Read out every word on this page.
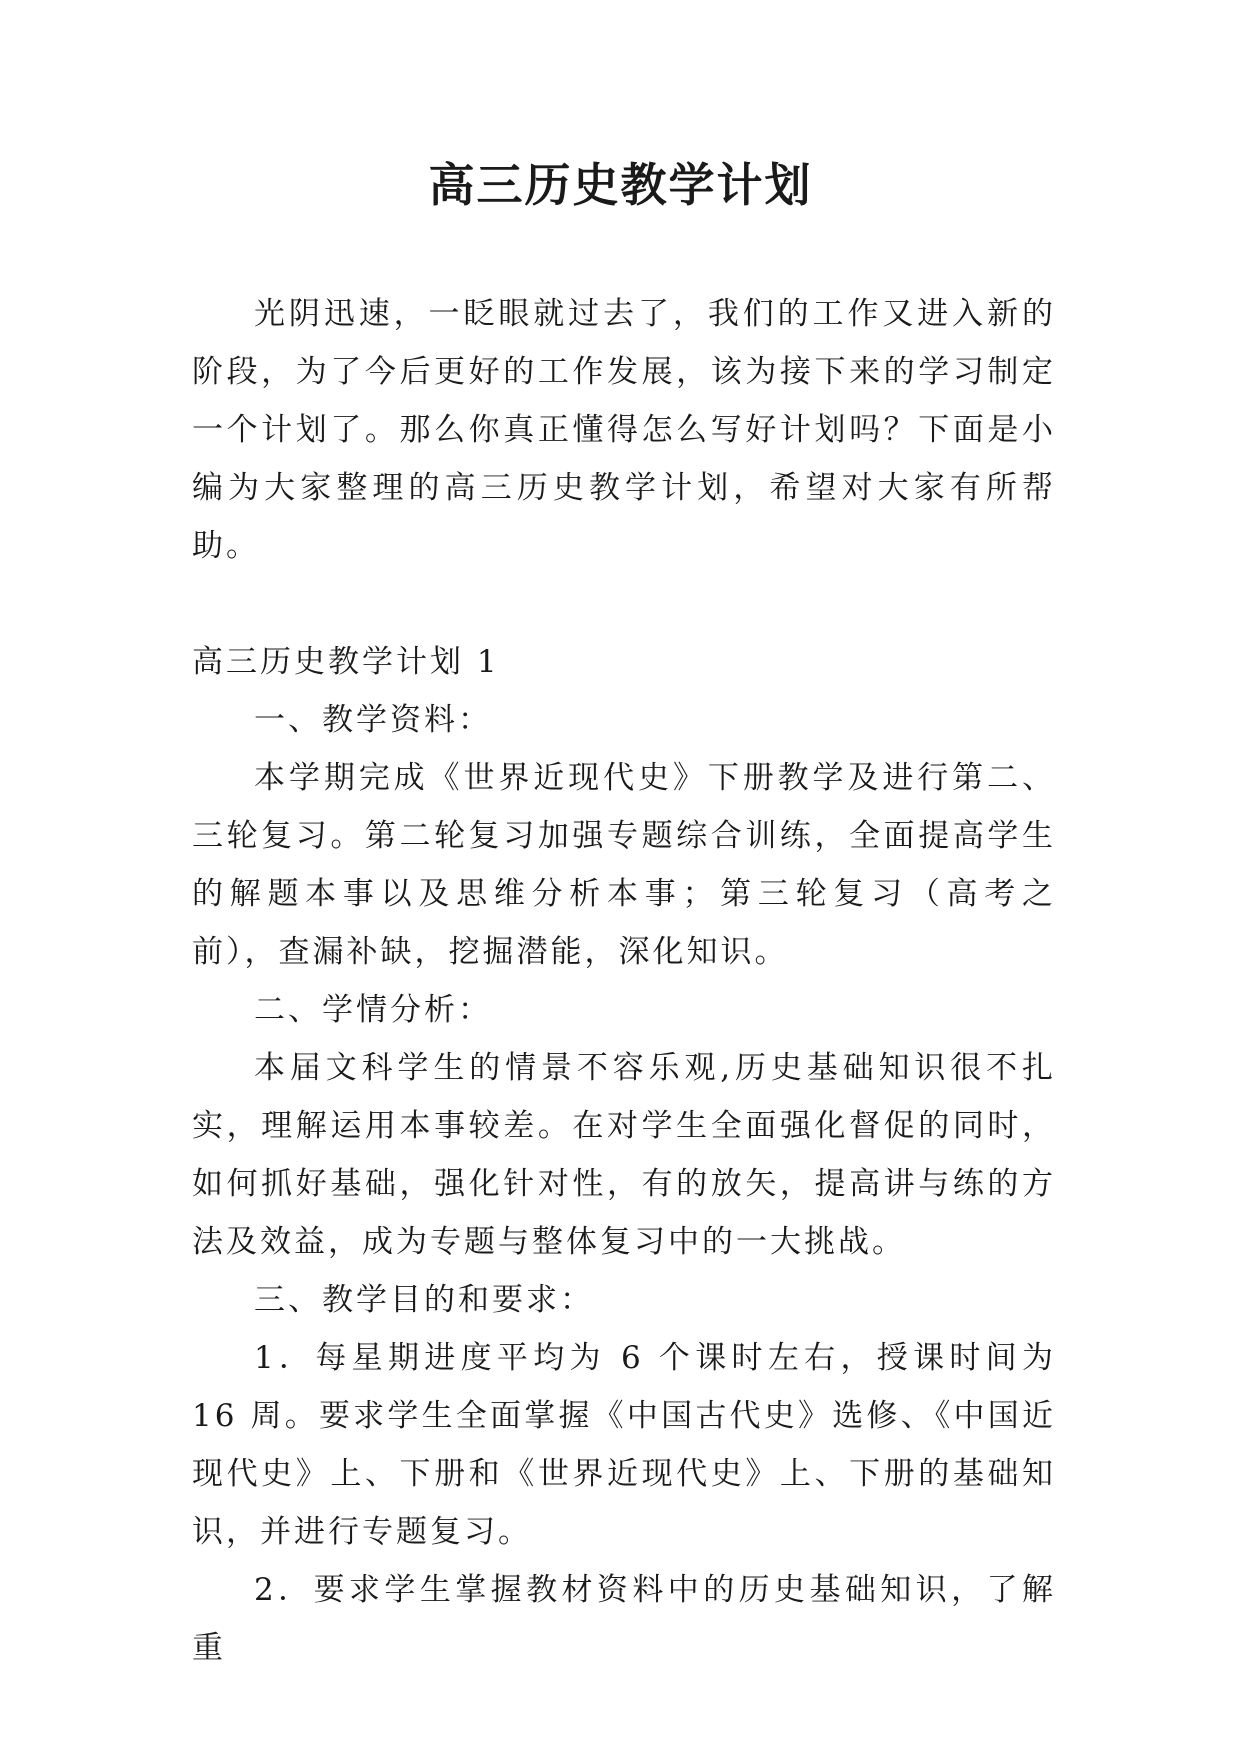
高三历史教学计划

光阴迅速，一眨眼就过去了，我们的工作又进入新的阶段，为了今后更好的工作发展，该为接下来的学习制定一个计划了。那么你真正懂得怎么写好计划吗？下面是小编为大家整理的高三历史教学计划，希望对大家有所帮助。

高三历史教学计划 1

一、教学资料：

本学期完成《世界近现代史》下册教学及进行第二、三轮复习。第二轮复习加强专题综合训练，全面提高学生的解题本事以及思维分析本事；第三轮复习（高考之前），查漏补缺，挖掘潜能，深化知识。

二、学情分析：

本届文科学生的情景不容乐观,历史基础知识很不扎实，理解运用本事较差。在对学生全面强化督促的同时，如何抓好基础，强化针对性，有的放矢，提高讲与练的方法及效益，成为专题与整体复习中的一大挑战。

三、教学目的和要求：

1．每星期进度平均为 6 个课时左右，授课时间为 16 周。要求学生全面掌握《中国古代史》选修、《中国近现代史》上、下册和《世界近现代史》上、下册的基础知识，并进行专题复习。

2．要求学生掌握教材资料中的历史基础知识，了解重
